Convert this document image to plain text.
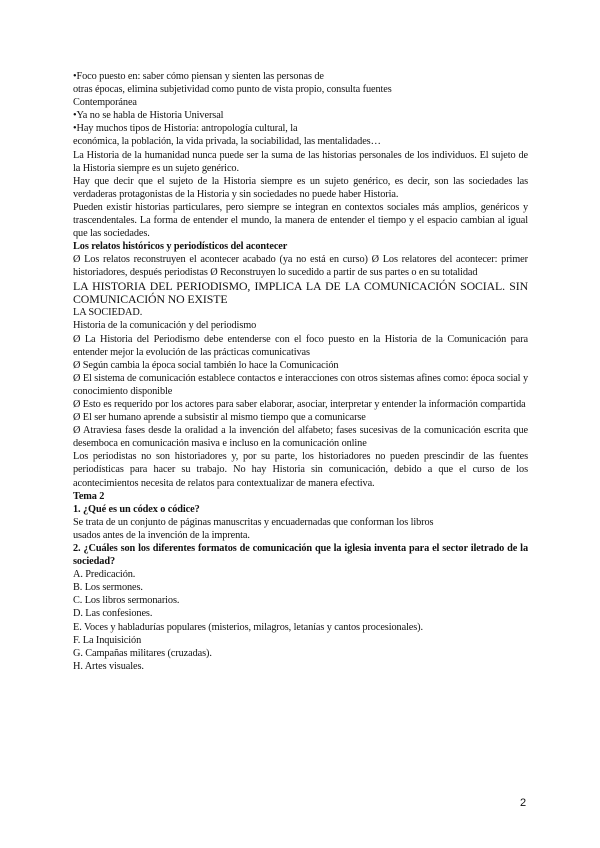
•Foco puesto en: saber cómo piensan y sienten las personas de

otras épocas, elimina subjetividad como punto de vista propio, consulta fuentes

Contemporánea

•Ya no se habla de Historia Universal

•Hay muchos tipos de Historia: antropología cultural, la

económica, la población, la vida privada, la sociabilidad, las mentalidades…

La Historia de la humanidad nunca puede ser la suma de las historias personales de los individuos. El sujeto de la Historia siempre es un sujeto genérico.

Hay que decir que el sujeto de la Historia siempre es un sujeto genérico, es decir, son las sociedades las verdaderas protagonistas de la Historia y sin sociedades no puede haber Historia.

Pueden existir historias particulares, pero siempre se integran en contextos sociales más amplios, genéricos y trascendentales. La forma de entender el mundo, la manera de entender el tiempo y el espacio cambian al igual que las sociedades.

Los relatos históricos y periodísticos del acontecer

Ø Los relatos reconstruyen el acontecer acabado (ya no está en curso) Ø Los relatores del acontecer: primer historiadores, después periodistas Ø Reconstruyen lo sucedido a partir de sus partes o en su totalidad

LA HISTORIA DEL PERIODISMO, IMPLICA LA DE LA COMUNICACIÓN SOCIAL. SIN COMUNICACIÓN NO EXISTE

LA SOCIEDAD.

Historia de la comunicación y del periodismo

Ø La Historia del Periodismo debe entenderse con el foco puesto en la Historia de la Comunicación para entender mejor la evolución de las prácticas comunicativas

Ø Según cambia la época social también lo hace la Comunicación

Ø El sistema de comunicación establece contactos e interacciones con otros sistemas afines como: época social y conocimiento disponible

Ø Esto es requerido por los actores para saber elaborar, asociar, interpretar y entender la información compartida

Ø El ser humano aprende a subsistir al mismo tiempo que a comunicarse

Ø Atraviesa fases desde la oralidad a la invención del alfabeto; fases sucesivas de la comunicación escrita que desemboca en comunicación masiva e incluso en la comunicación online

Los periodistas no son historiadores y, por su parte, los historiadores no pueden prescindir de las fuentes periodísticas para hacer su trabajo. No hay Historia sin comunicación, debido a que el curso de los acontecimientos necesita de relatos para contextualizar de manera efectiva.

Tema 2

1. ¿Qué es un códex o códice?

Se trata de un conjunto de páginas manuscritas y encuadernadas que conforman los libros

usados antes de la invención de la imprenta.

2. ¿Cuáles son los diferentes formatos de comunicación que la iglesia inventa para el sector iletrado de la sociedad?

A. Predicación.

B. Los sermones.

C. Los libros sermonarios.

D. Las confesiones.

E. Voces y habladurías populares (misterios, milagros, letanías y cantos procesionales).

F. La Inquisición

G. Campañas militares (cruzadas).

H. Artes visuales.

2
